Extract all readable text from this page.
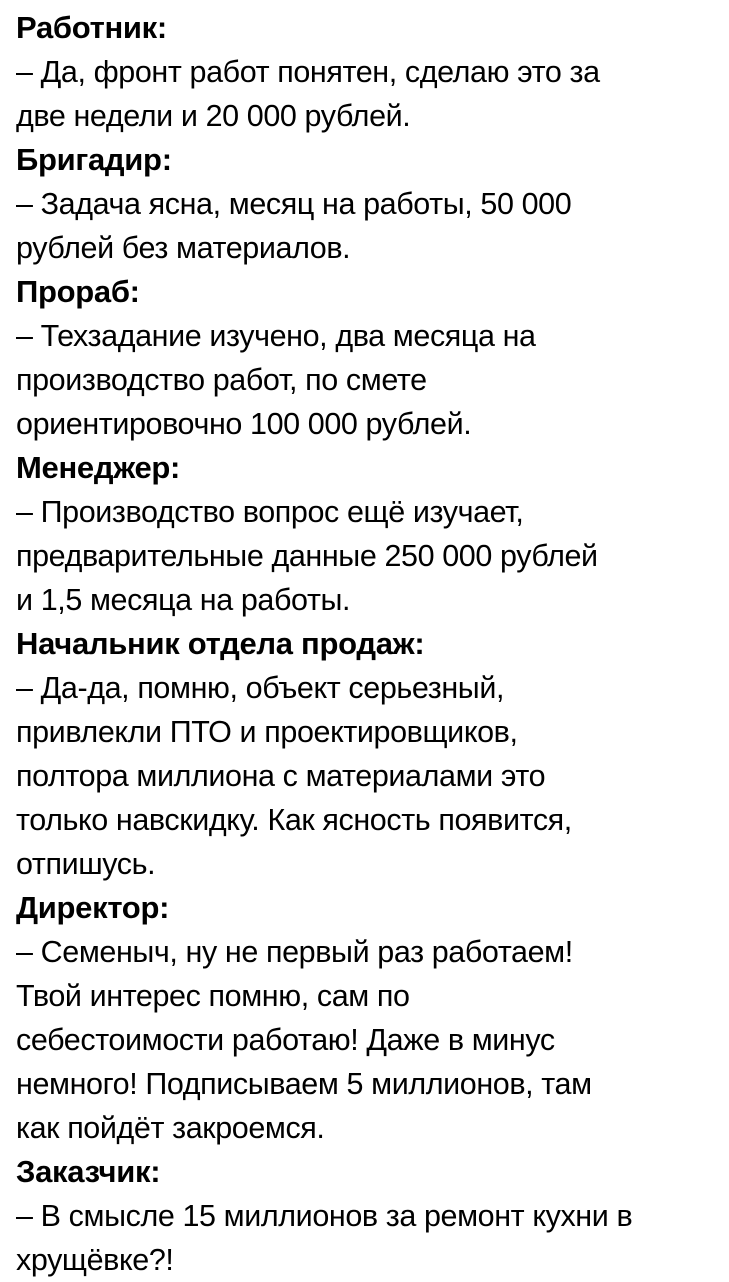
Работник:

– Да, фронт работ понятен, сделаю это за

две недели и 20 000 рублей.

Бригадир:

– Задача ясна, месяц на работы, 50 000

рублей без материалов.

Прораб:

– Техзадание изучено, два месяца на

производство работ, по смете

ориентировочно 100 000 рублей.

Менеджер:

– Производство вопрос ещё изучает,

предварительные данные 250 000 рублей

и 1,5 месяца на работы.

Начальник отдела продаж:

– Да-да, помню, объект серьезный,

привлекли ПТО и проектировщиков,

полтора миллиона с материалами это

только навскидку. Как ясность появится,

отпишусь.

Директор:

– Семеныч, ну не первый раз работаем!

Твой интерес помню, сам по

себестоимости работаю! Даже в минус

немного! Подписываем 5 миллионов, там

как пойдёт закроемся.

Заказчик:

– В смысле 15 миллионов за ремонт кухни в

хрущёвке?!
